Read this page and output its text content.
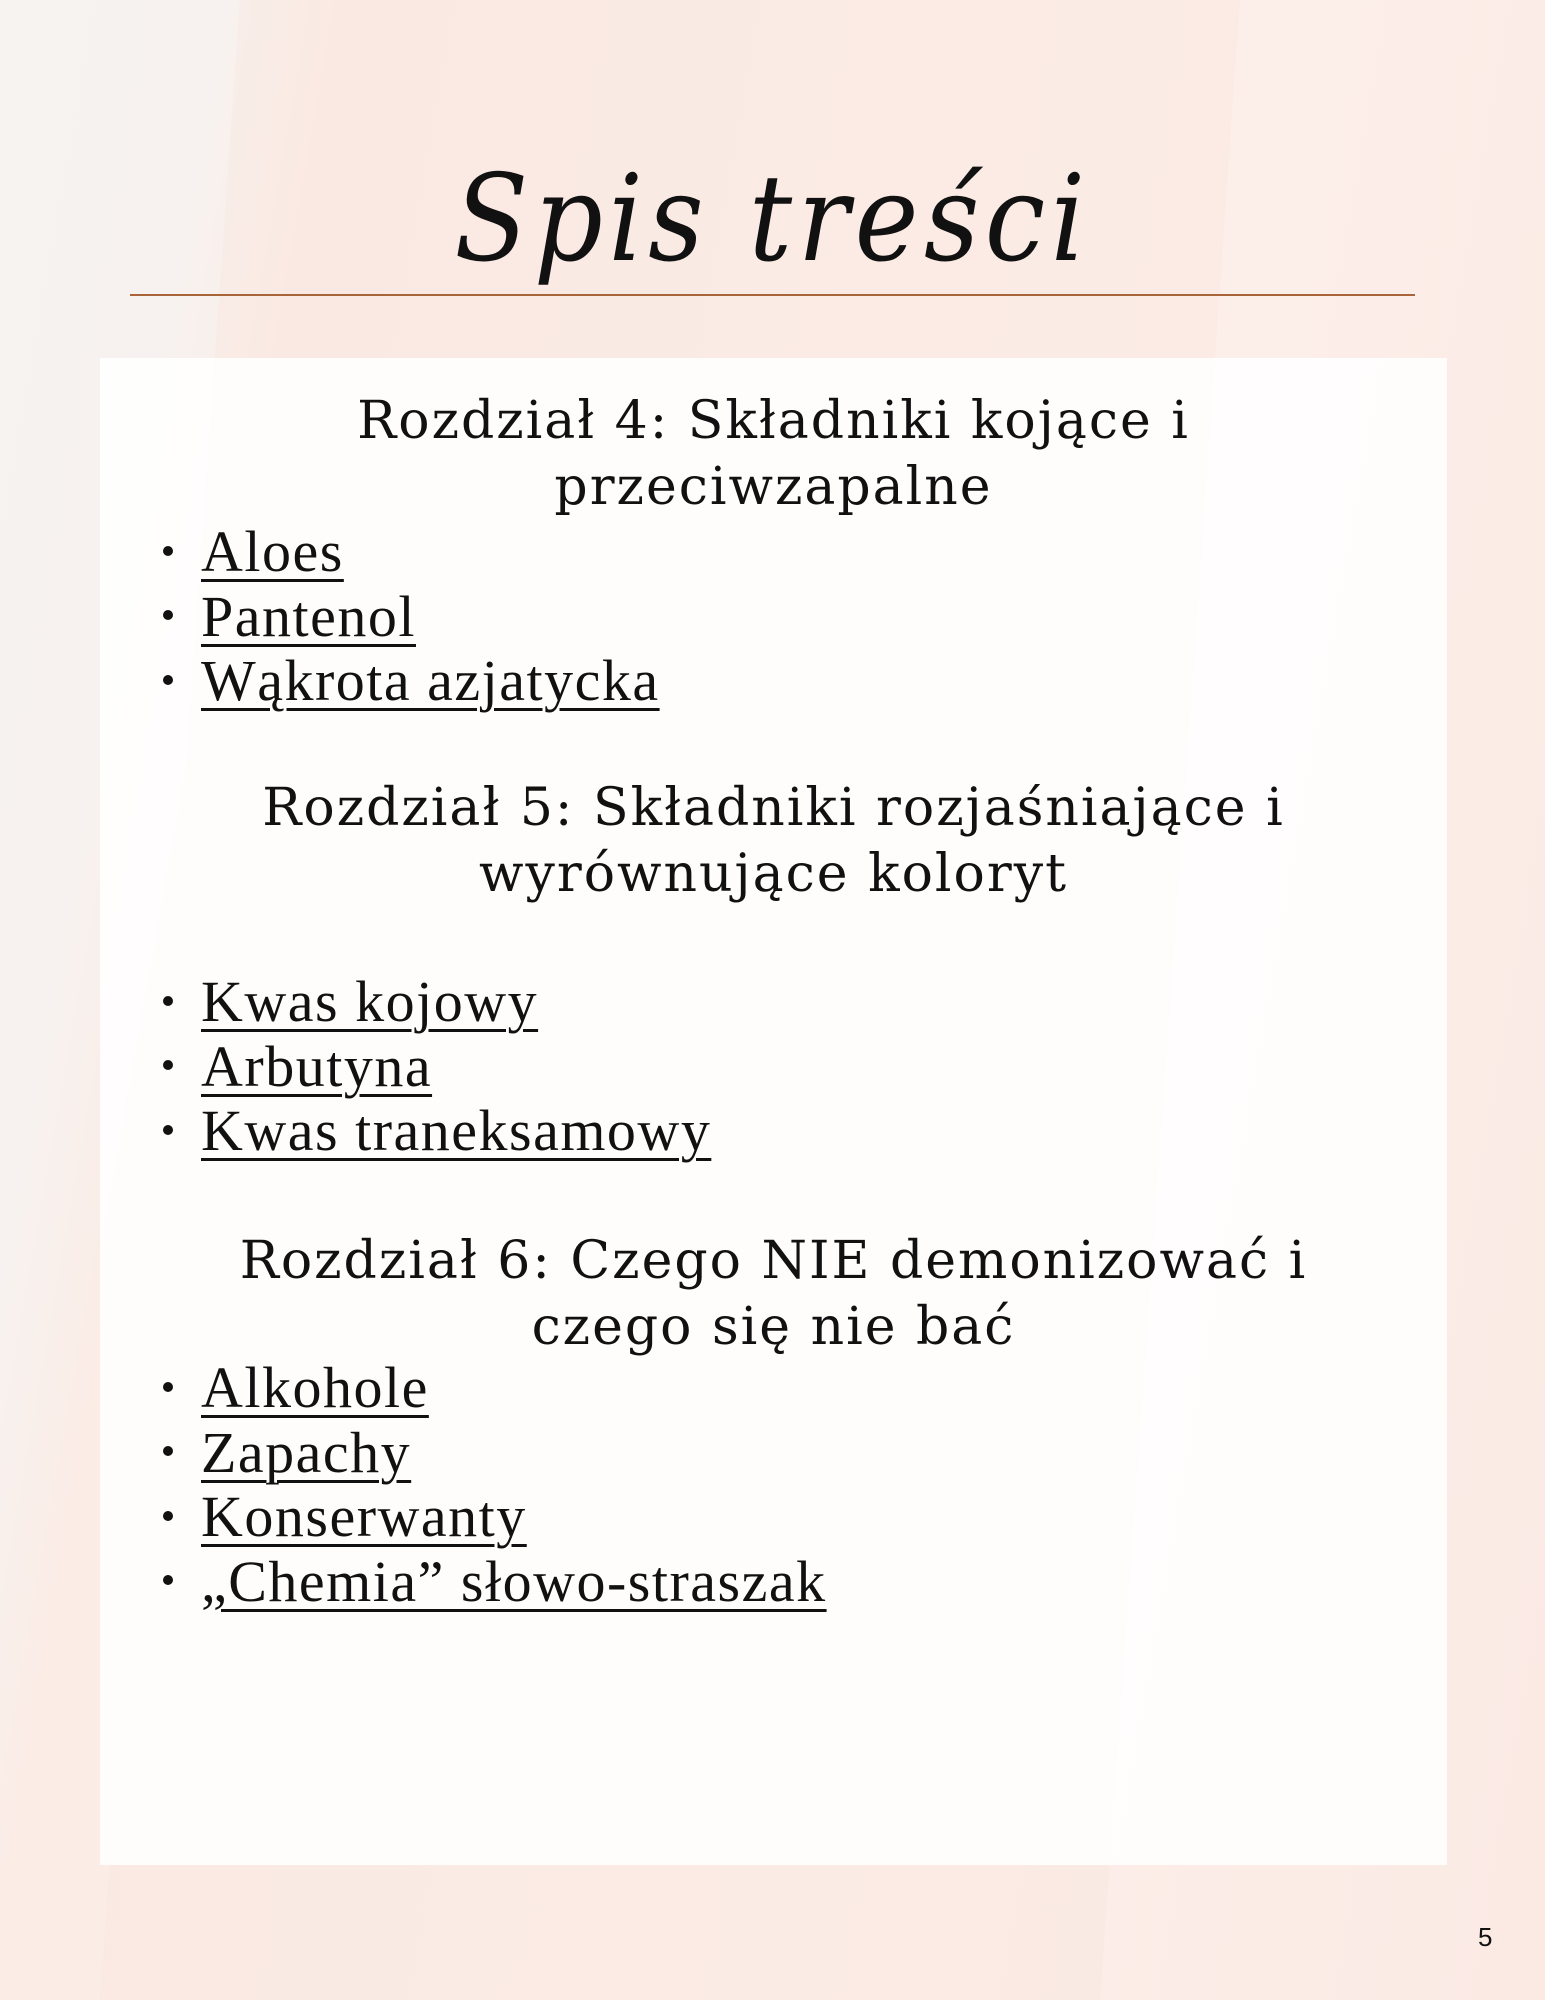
Spis treści
Rozdział 4: Składniki kojące i
przeciwzapalne
Aloes
Pantenol
Wąkrota azjatycka
Rozdział 5: Składniki rozjaśniające i
wyrównujące koloryt
Kwas kojowy
Arbutyna
Kwas traneksamowy
Rozdział 6: Czego NIE demonizować i
czego się nie bać
Alkohole
Zapachy
Konserwanty
„Chemia” słowo-straszak
5
